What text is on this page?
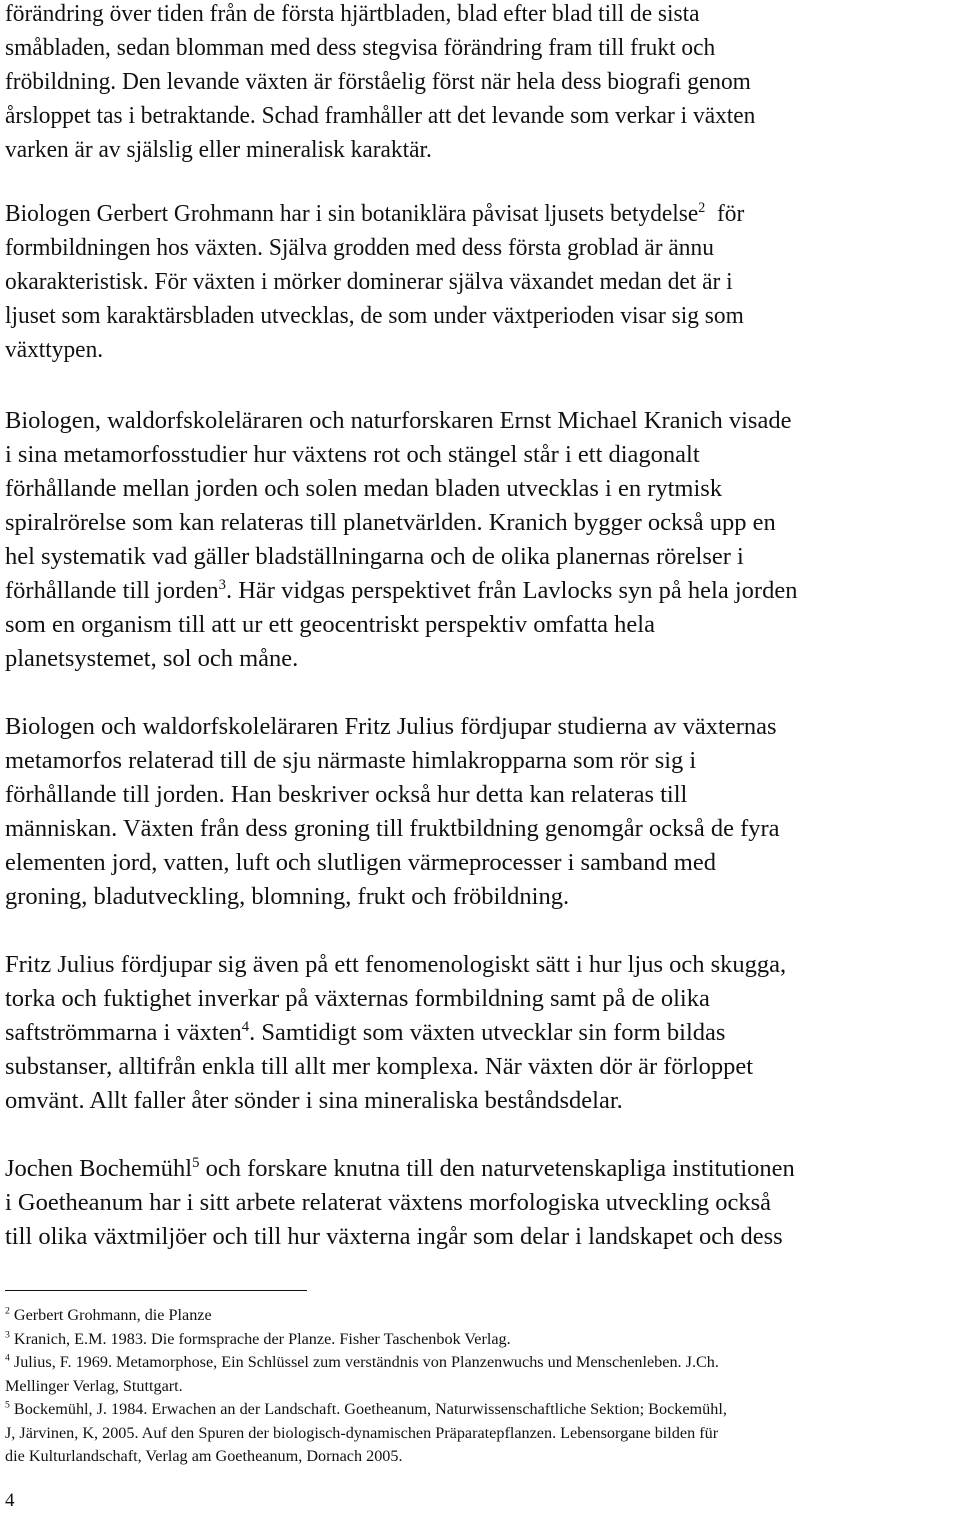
förändring över tiden från de första hjärtbladen, blad efter blad till de sista
småbladen, sedan blomman med dess stegvisa förändring fram till frukt och
fröbildning. Den levande växten är förståelig först när hela dess biografi genom
årsloppet tas i betraktande. Schad framhåller att det levande som verkar i växten
varken är av själslig eller mineralisk karaktär.
Biologen Gerbert Grohmann har i sin botaniklära påvisat ljusets betydelse$^2$  för
formbildningen hos växten. Själva grodden med dess första groblad är ännu
okarakteristisk. För växten i mörker dominerar själva växandet medan det är i
ljuset som karaktärsbladen utvecklas, de som under växtperioden visar sig som
växttypen.
Biologen, waldorfskoleläraren och naturforskaren Ernst Michael Kranich visade
i sina metamorfosstudier hur växtens rot och stängel står i ett diagonalt
förhållande mellan jorden och solen medan bladen utvecklas i en rytmisk
spiralrörelse som kan relateras till planetvärlden. Kranich bygger också upp en
hel systematik vad gäller bladställningarna och de olika planernas rörelser i
förhållande till jorden$^3$. Här vidgas perspektivet från Lavlocks syn på hela jorden
som en organism till att ur ett geocentriskt perspektiv omfatta hela
planetsystemet, sol och måne.
Biologen och waldorfskoleläraren Fritz Julius fördjupar studierna av växternas
metamorfos relaterad till de sju närmaste himlakropparna som rör sig i
förhållande till jorden. Han beskriver också hur detta kan relateras till
människan. Växten från dess groning till fruktbildning genomgår också de fyra
elementen jord, vatten, luft och slutligen värmeprocesser i samband med
groning, bladutveckling, blomning, frukt och fröbildning.
Fritz Julius fördjupar sig även på ett fenomenologiskt sätt i hur ljus och skugga,
torka och fuktighet inverkar på växternas formbildning samt på de olika
saftströmmarna i växten$^4$. Samtidigt som växten utvecklar sin form bildas
substanser, alltifrån enkla till allt mer komplexa. När växten dör är förloppet
omvänt. Allt faller åter sönder i sina mineraliska beståndsdelar.
Jochen Bochemühl$^5$ och forskare knutna till den naturvetenskapliga institutionen
i Goetheanum har i sitt arbete relaterat växtens morfologiska utveckling också
till olika växtmiljöer och till hur växterna ingår som delar i landskapet och dess
$^2$ Gerbert Grohmann, die Planze
$^3$ Kranich, E.M. 1983. Die formsprache der Planze. Fisher Taschenbok Verlag.
$^4$ Julius, F. 1969. Metamorphose, Ein Schlüssel zum verständnis von Planzenwuchs und Menschenleben. J.Ch.
Mellinger Verlag, Stuttgart.
$^5$ Bockemühl, J. 1984. Erwachen an der Landschaft. Goetheanum, Naturwissenschaftliche Sektion; Bockemühl,
J, Järvinen, K, 2005. Auf den Spuren der biologisch-dynamischen Präparatepflanzen. Lebensorgane bilden für
die Kulturlandschaft, Verlag am Goetheanum, Dornach 2005.

4
